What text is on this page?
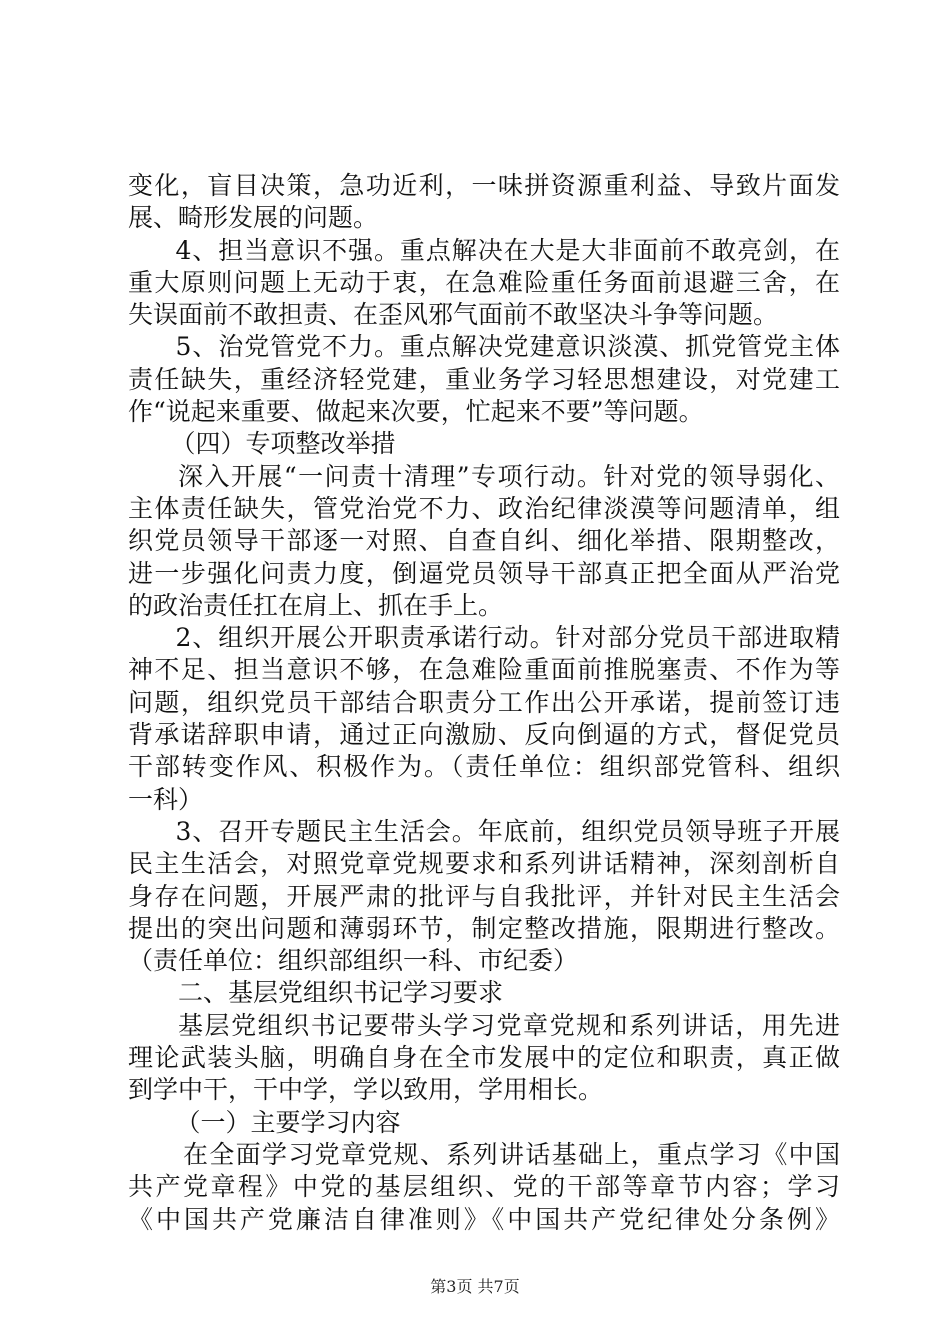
变化，盲目决策，急功近利，一味拼资源重利益、导致片面发
展、畸形发展的问题。
4、担当意识不强。重点解决在大是大非面前不敢亮剑，在
重大原则问题上无动于衷，在急难险重任务面前退避三舍，在
失误面前不敢担责、在歪风邪气面前不敢坚决斗争等问题。
5、治党管党不力。重点解决党建意识淡漠、抓党管党主体
责任缺失，重经济轻党建，重业务学习轻思想建设，对党建工
作“说起来重要、做起来次要，忙起来不要”等问题。
（四）专项整改举措
深入开展“一问责十清理”专项行动。针对党的领导弱化、
主体责任缺失，管党治党不力、政治纪律淡漠等问题清单，组
织党员领导干部逐一对照、自查自纠、细化举措、限期整改，
进一步强化问责力度，倒逼党员领导干部真正把全面从严治党
的政治责任扛在肩上、抓在手上。
2、组织开展公开职责承诺行动。针对部分党员干部进取精
神不足、担当意识不够，在急难险重面前推脱塞责、不作为等
问题，组织党员干部结合职责分工作出公开承诺，提前签订违
背承诺辞职申请，通过正向激励、反向倒逼的方式，督促党员
干部转变作风、积极作为。（责任单位：组织部党管科、组织
一科）
3、召开专题民主生活会。年底前，组织党员领导班子开展
民主生活会，对照党章党规要求和系列讲话精神，深刻剖析自
身存在问题，开展严肃的批评与自我批评，并针对民主生活会
提出的突出问题和薄弱环节，制定整改措施，限期进行整改。
（责任单位：组织部组织一科、市纪委）
二、基层党组织书记学习要求
基层党组织书记要带头学习党章党规和系列讲话，用先进
理论武装头脑，明确自身在全市发展中的定位和职责，真正做
到学中干，干中学，学以致用，学用相长。
（一）主要学习内容
在全面学习党章党规、系列讲话基础上，重点学习《中国
共产党章程》中党的基层组织、党的干部等章节内容；学习
《中国共产党廉洁自律准则》《中国共产党纪律处分条例》
第3页 共7页
